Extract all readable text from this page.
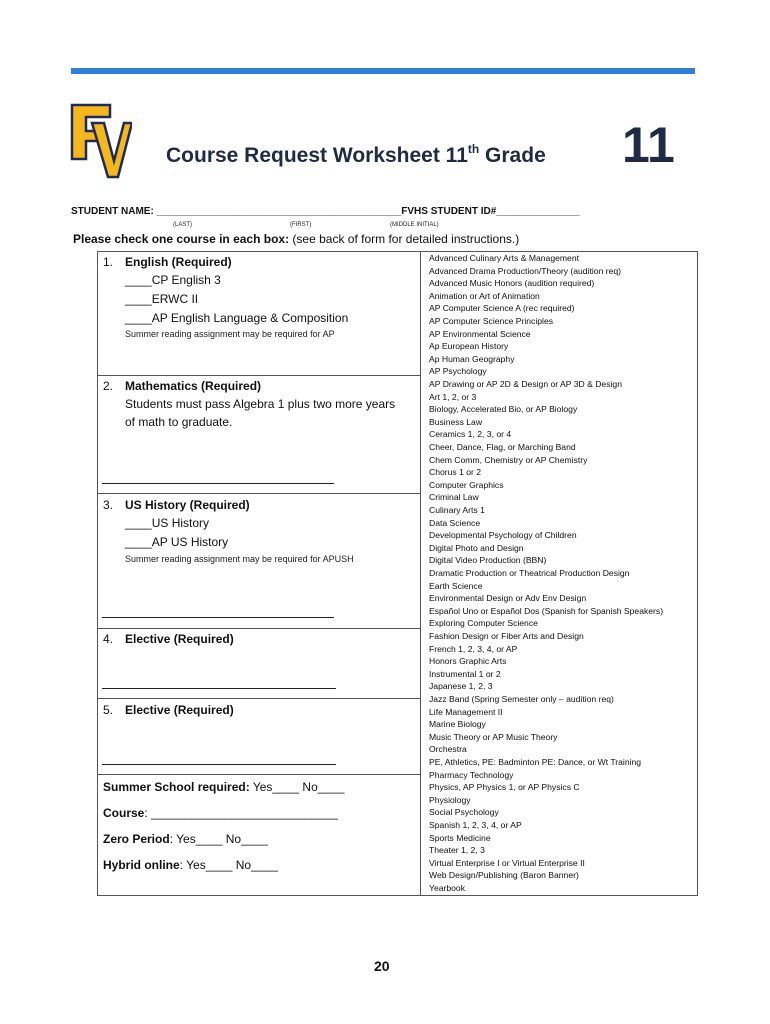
Course Request Worksheet 11th Grade 11
STUDENT NAME: ____________________________________________FVHS STUDENT ID#_______________
(LAST)	(FIRST)	(MIDDLE INITIAL)
Please check one course in each box: (see back of form for detailed instructions.)
1. English (Required)
____CP English 3
____ERWC II
____AP English Language & Composition
Summer reading assignment may be required for AP
2. Mathematics (Required)
Students must pass Algebra 1 plus two more years
of math to graduate.
3. US History (Required)
____US History
____AP US History
Summer reading assignment may be required for APUSH
4. Elective (Required)
5. Elective (Required)
Summer School required: Yes____ No____
Course: ____________________________
Zero Period: Yes____ No____
Hybrid online: Yes____ No____
Advanced Culinary Arts & Management
Advanced Drama Production/Theory (audition req)
Advanced Music Honors (audition required)
Animation or Art of Animation
AP Computer Science A (rec required)
AP Computer Science Principles
AP Environmental Science
Ap European History
Ap Human Geography
AP Psychology
AP Drawing or AP 2D & Design or AP 3D & Design
Art 1, 2, or 3
Biology, Accelerated Bio, or AP Biology
Business Law
Ceramics 1, 2, 3, or 4
Cheer, Dance, Flag, or Marching Band
Chem Comm, Chemistry or AP Chemistry
Chorus 1 or 2
Computer Graphics
Criminal Law
Culinary Arts 1
Data Science
Developmental Psychology of Children
Digital Photo and Design
Digital Video Production (BBN)
Dramatic Production or Theatrical Production Design
Earth Science
Environmental Design or Adv Env Design
Español Uno or Español Dos (Spanish for Spanish Speakers)
Exploring Computer Science
Fashion Design or Fiber Arts and Design
French 1, 2, 3, 4, or AP
Honors Graphic Arts
Instrumental 1 or 2
Japanese 1, 2, 3
Jazz Band (Spring Semester only – audition req)
Life Management II
Marine Biology
Music Theory or AP Music Theory
Orchestra
PE, Athletics, PE: Badminton PE: Dance, or Wt Training
Pharmacy Technology
Physics, AP Physics 1, or AP Physics C
Physiology
Social Psychology
Spanish 1, 2, 3, 4, or AP
Sports Medicine
Theater 1, 2, 3
Virtual Enterprise I or Virtual Enterprise II
Web Design/Publishing (Baron Banner)
Yearbook
20
